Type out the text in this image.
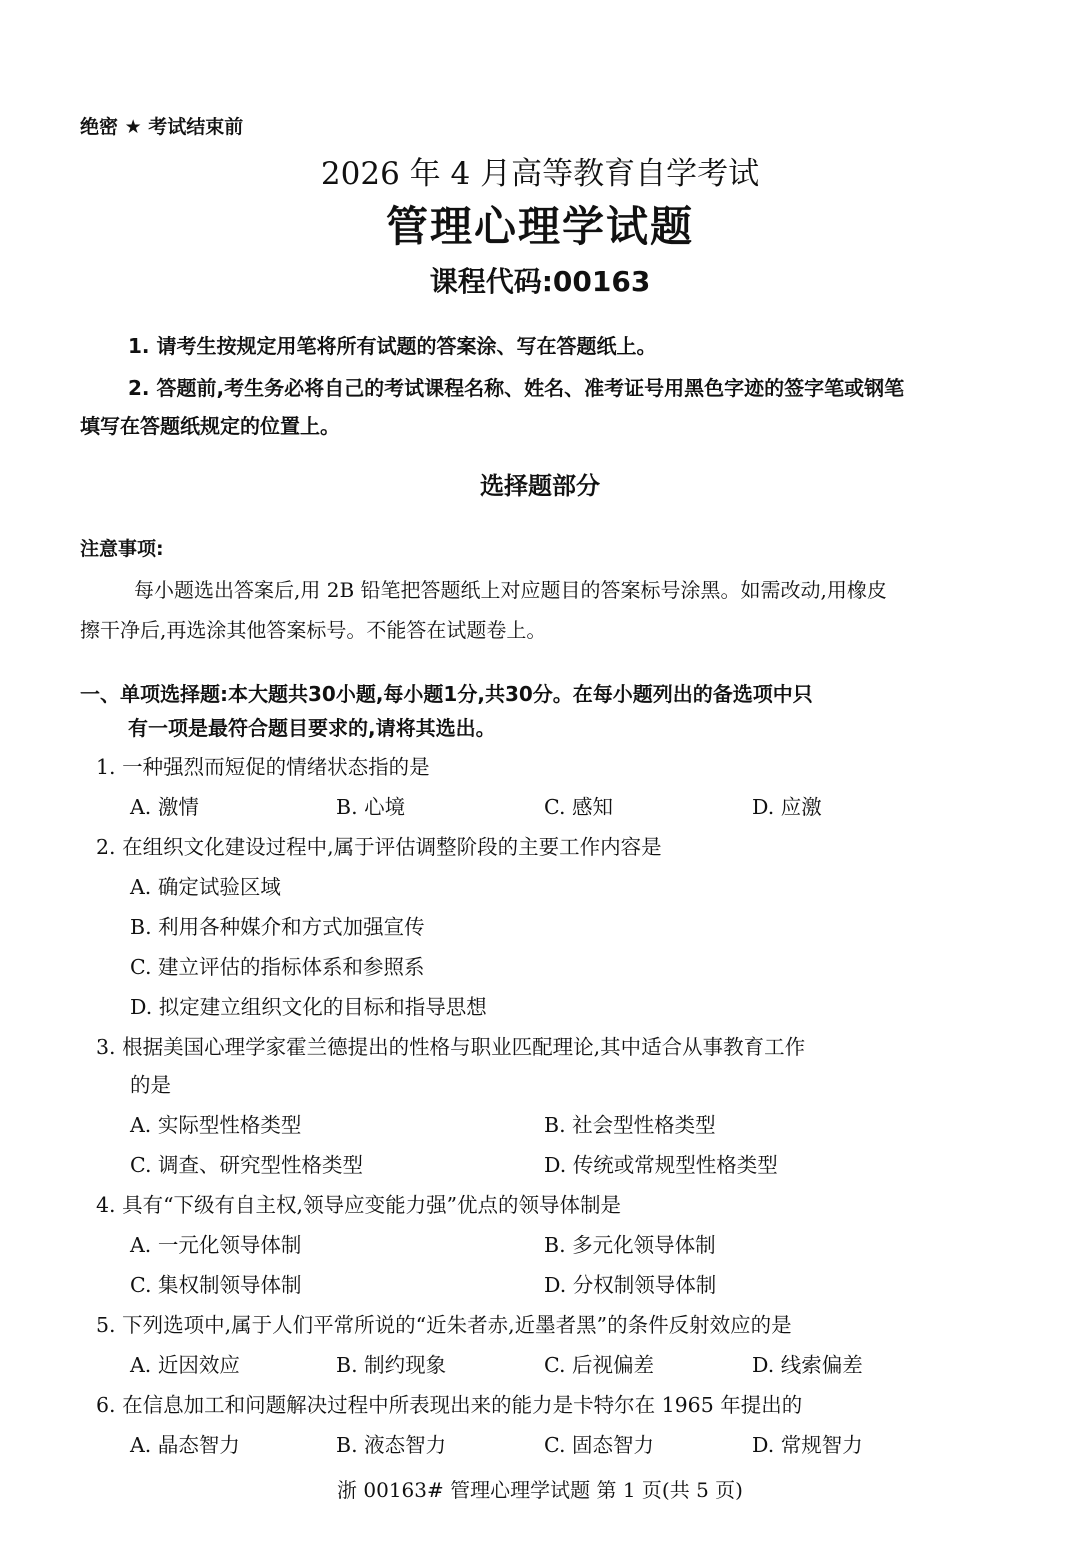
绝密 ★ 考试结束前
2026 年 4 月高等教育自学考试
管理心理学试题
课程代码:00163
1. 请考生按规定用笔将所有试题的答案涂、写在答题纸上。
2. 答题前,考生务必将自己的考试课程名称、姓名、准考证号用黑色字迹的签字笔或钢笔
填写在答题纸规定的位置上。
选择题部分
注意事项:
每小题选出答案后,用 2B 铅笔把答题纸上对应题目的答案标号涂黑。如需改动,用橡皮
擦干净后,再选涂其他答案标号。不能答在试题卷上。
一、单项选择题:本大题共30小题,每小题1分,共30分。在每小题列出的备选项中只
有一项是最符合题目要求的,请将其选出。
1. 一种强烈而短促的情绪状态指的是
A. 激情	B. 心境	C. 感知	D. 应激
2. 在组织文化建设过程中,属于评估调整阶段的主要工作内容是
A. 确定试验区域
B. 利用各种媒介和方式加强宣传
C. 建立评估的指标体系和参照系
D. 拟定建立组织文化的目标和指导思想
3. 根据美国心理学家霍兰德提出的性格与职业匹配理论,其中适合从事教育工作
的是
A. 实际型性格类型	B. 社会型性格类型
C. 调查、研究型性格类型	D. 传统或常规型性格类型
4. 具有“下级有自主权,领导应变能力强”优点的领导体制是
A. 一元化领导体制	B. 多元化领导体制
C. 集权制领导体制	D. 分权制领导体制
5. 下列选项中,属于人们平常所说的“近朱者赤,近墨者黑”的条件反射效应的是
A. 近因效应	B. 制约现象	C. 后视偏差	D. 线索偏差
6. 在信息加工和问题解决过程中所表现出来的能力是卡特尔在 1965 年提出的
A. 晶态智力	B. 液态智力	C. 固态智力	D. 常规智力
浙 00163# 管理心理学试题 第 1 页(共 5 页)
